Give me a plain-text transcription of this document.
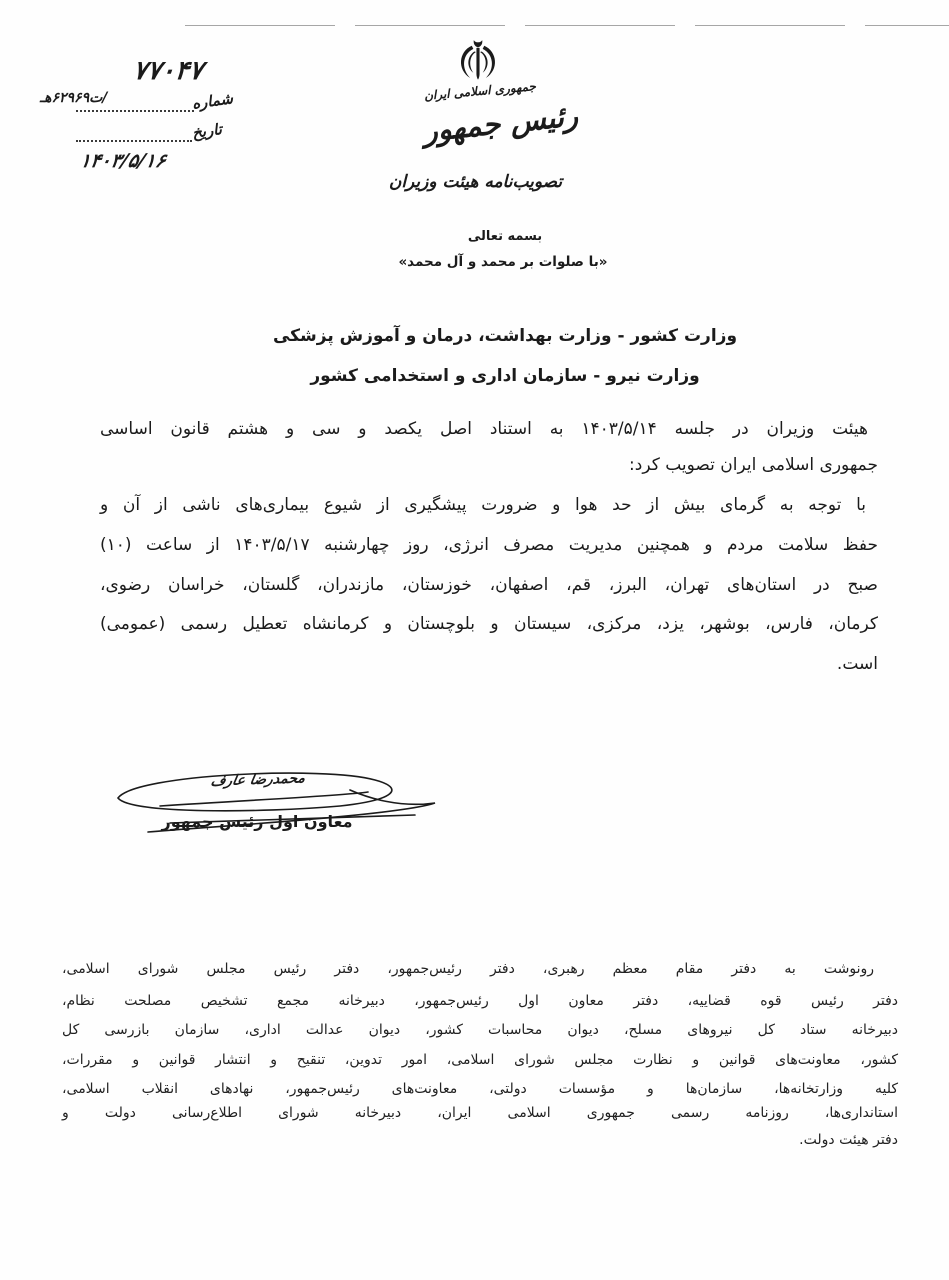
۷۷۰۴۷
/ت۶۲۹۶۹هـ	شماره
تاریخ
۱۴۰۳/۵/۱۶
جمهوری اسلامی ایران
رئیس جمهور
تصویب‌نامه هیئت وزیران
بسمه تعالی
«با صلوات بر محمد و آل محمد»
وزارت کشور - وزارت بهداشت، درمان و آموزش پزشکی
وزارت نیرو - سازمان اداری و استخدامی کشور
هیئت وزیران در جلسه ۱۴۰۳/۵/۱۴ به استناد اصل یکصد و سی و هشتم قانون اساسی
جمهوری اسلامی ایران تصویب کرد:
با توجه به گرمای بیش از حد هوا و ضرورت پیشگیری از شیوع بیماری‌های ناشی از آن و
حفظ سلامت مردم و همچنین مدیریت مصرف انرژی، روز چهارشنبه ۱۴۰۳/۵/۱۷ از ساعت (۱۰)
صبح در استان‌های تهران، البرز، قم، اصفهان، خوزستان، مازندران، گلستان، خراسان رضوی،
کرمان، فارس، بوشهر، یزد، مرکزی، سیستان و بلوچستان و کرمانشاه تعطیل رسمی (عمومی)
است.
محمدرضا عارف
معاون اول رئیس جمهور
رونوشت به دفتر مقام معظم رهبری، دفتر رئیس‌جمهور، دفتر رئیس مجلس شورای اسلامی،
دفتر رئیس قوه قضاییه، دفتر معاون اول رئیس‌جمهور، دبیرخانه مجمع تشخیص مصلحت نظام،
دبیرخانه ستاد کل نیروهای مسلح، دیوان محاسبات کشور، دیوان عدالت اداری، سازمان بازرسی کل
کشور، معاونت‌های قوانین و نظارت مجلس شورای اسلامی، امور تدوین، تنقیح و انتشار قوانین و مقررات،
کلیه وزارتخانه‌ها، سازمان‌ها و مؤسسات دولتی، معاونت‌های رئیس‌جمهور، نهادهای انقلاب اسلامی،
استانداری‌ها، روزنامه رسمی جمهوری اسلامی ایران، دبیرخانه شورای اطلاع‌رسانی دولت و
دفتر هیئت دولت.
